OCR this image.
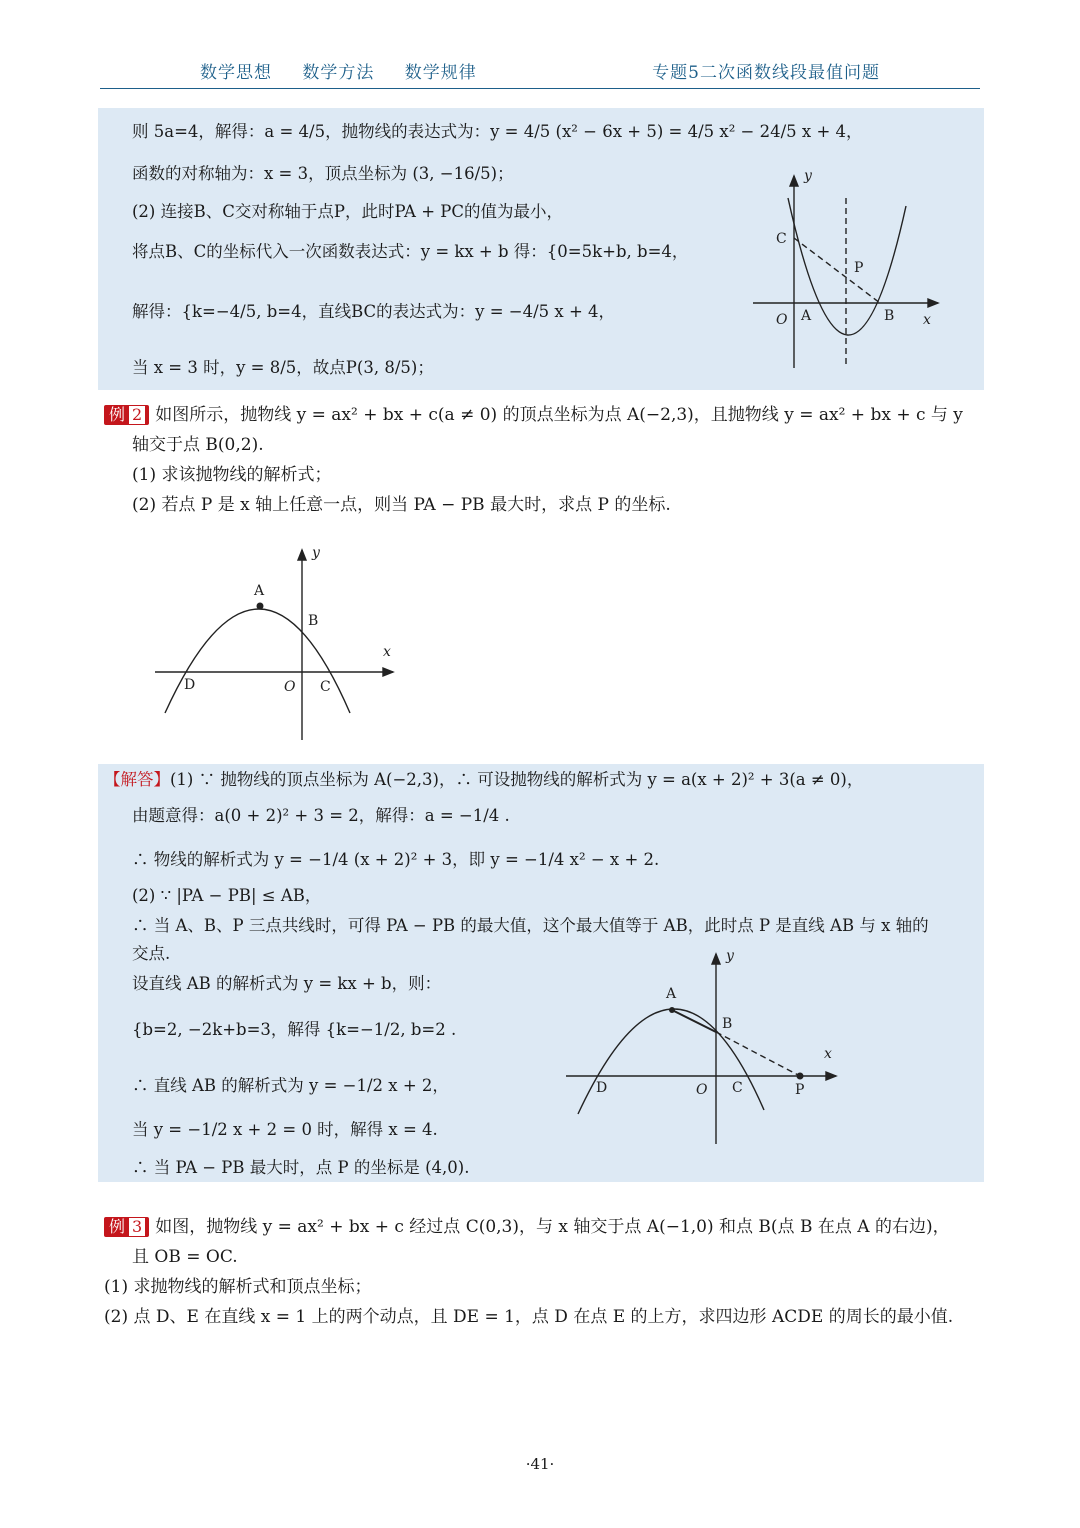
数学思想 数学方法 数学规律	专题5二次函数线段最值问题
则 5a=4，解得：a = 4/5，抛物线的表达式为：y = 4/5 (x² − 6x + 5) = 4/5 x² − 24/5 x + 4，
函数的对称轴为：x = 3，顶点坐标为 (3, −16/5)；
(2) 连接B、C交对称轴于点P，此时PA + PC的值为最小，
将点B、C的坐标代入一次函数表达式：y = kx + b 得：{0=5k+b, b=4，
解得：{k=−4/5, b=4，直线BC的表达式为：y = −4/5 x + 4，
当 x = 3 时，y = 8/5，故点P(3, 8/5)；
y
C
P
O A	B x
例 2 如图所示，抛物线 y = ax² + bx + c(a ≠ 0) 的顶点坐标为点 A(−2,3)，且抛物线 y = ax² + bx + c 与 y
轴交于点 B(0,2).
(1) 求该抛物线的解析式；
(2) 若点 P 是 x 轴上任意一点，则当 PA − PB 最大时，求点 P 的坐标.
y
A
B
x
D	O C
【解答】(1) ∵ 抛物线的顶点坐标为 A(−2,3)，∴ 可设抛物线的解析式为 y = a(x + 2)² + 3(a ≠ 0)，
由题意得：a(0 + 2)² + 3 = 2，解得：a = −1/4 .
∴ 物线的解析式为 y = −1/4 (x + 2)² + 3，即 y = −1/4 x² − x + 2.
(2) ∵ |PA − PB| ≤ AB，
∴ 当 A、B、P 三点共线时，可得 PA − PB 的最大值，这个最大值等于 AB，此时点 P 是直线 AB 与 x 轴的
交点.
设直线 AB 的解析式为 y = kx + b，则：
{b=2, −2k+b=3，解得 {k=−1/2, b=2 .
∴ 直线 AB 的解析式为 y = −1/2 x + 2，
当 y = −1/2 x + 2 = 0 时，解得 x = 4.
∴ 当 PA − PB 最大时，点 P 的坐标是 (4,0).
y
A
B
x
D	O C	P
例 3 如图，抛物线 y = ax² + bx + c 经过点 C(0,3)，与 x 轴交于点 A(−1,0) 和点 B(点 B 在点 A 的右边)，
且 OB = OC.
(1) 求抛物线的解析式和顶点坐标；
(2) 点 D、E 在直线 x = 1 上的两个动点，且 DE = 1，点 D 在点 E 的上方，求四边形 ACDE 的周长的最小值.
·41·
